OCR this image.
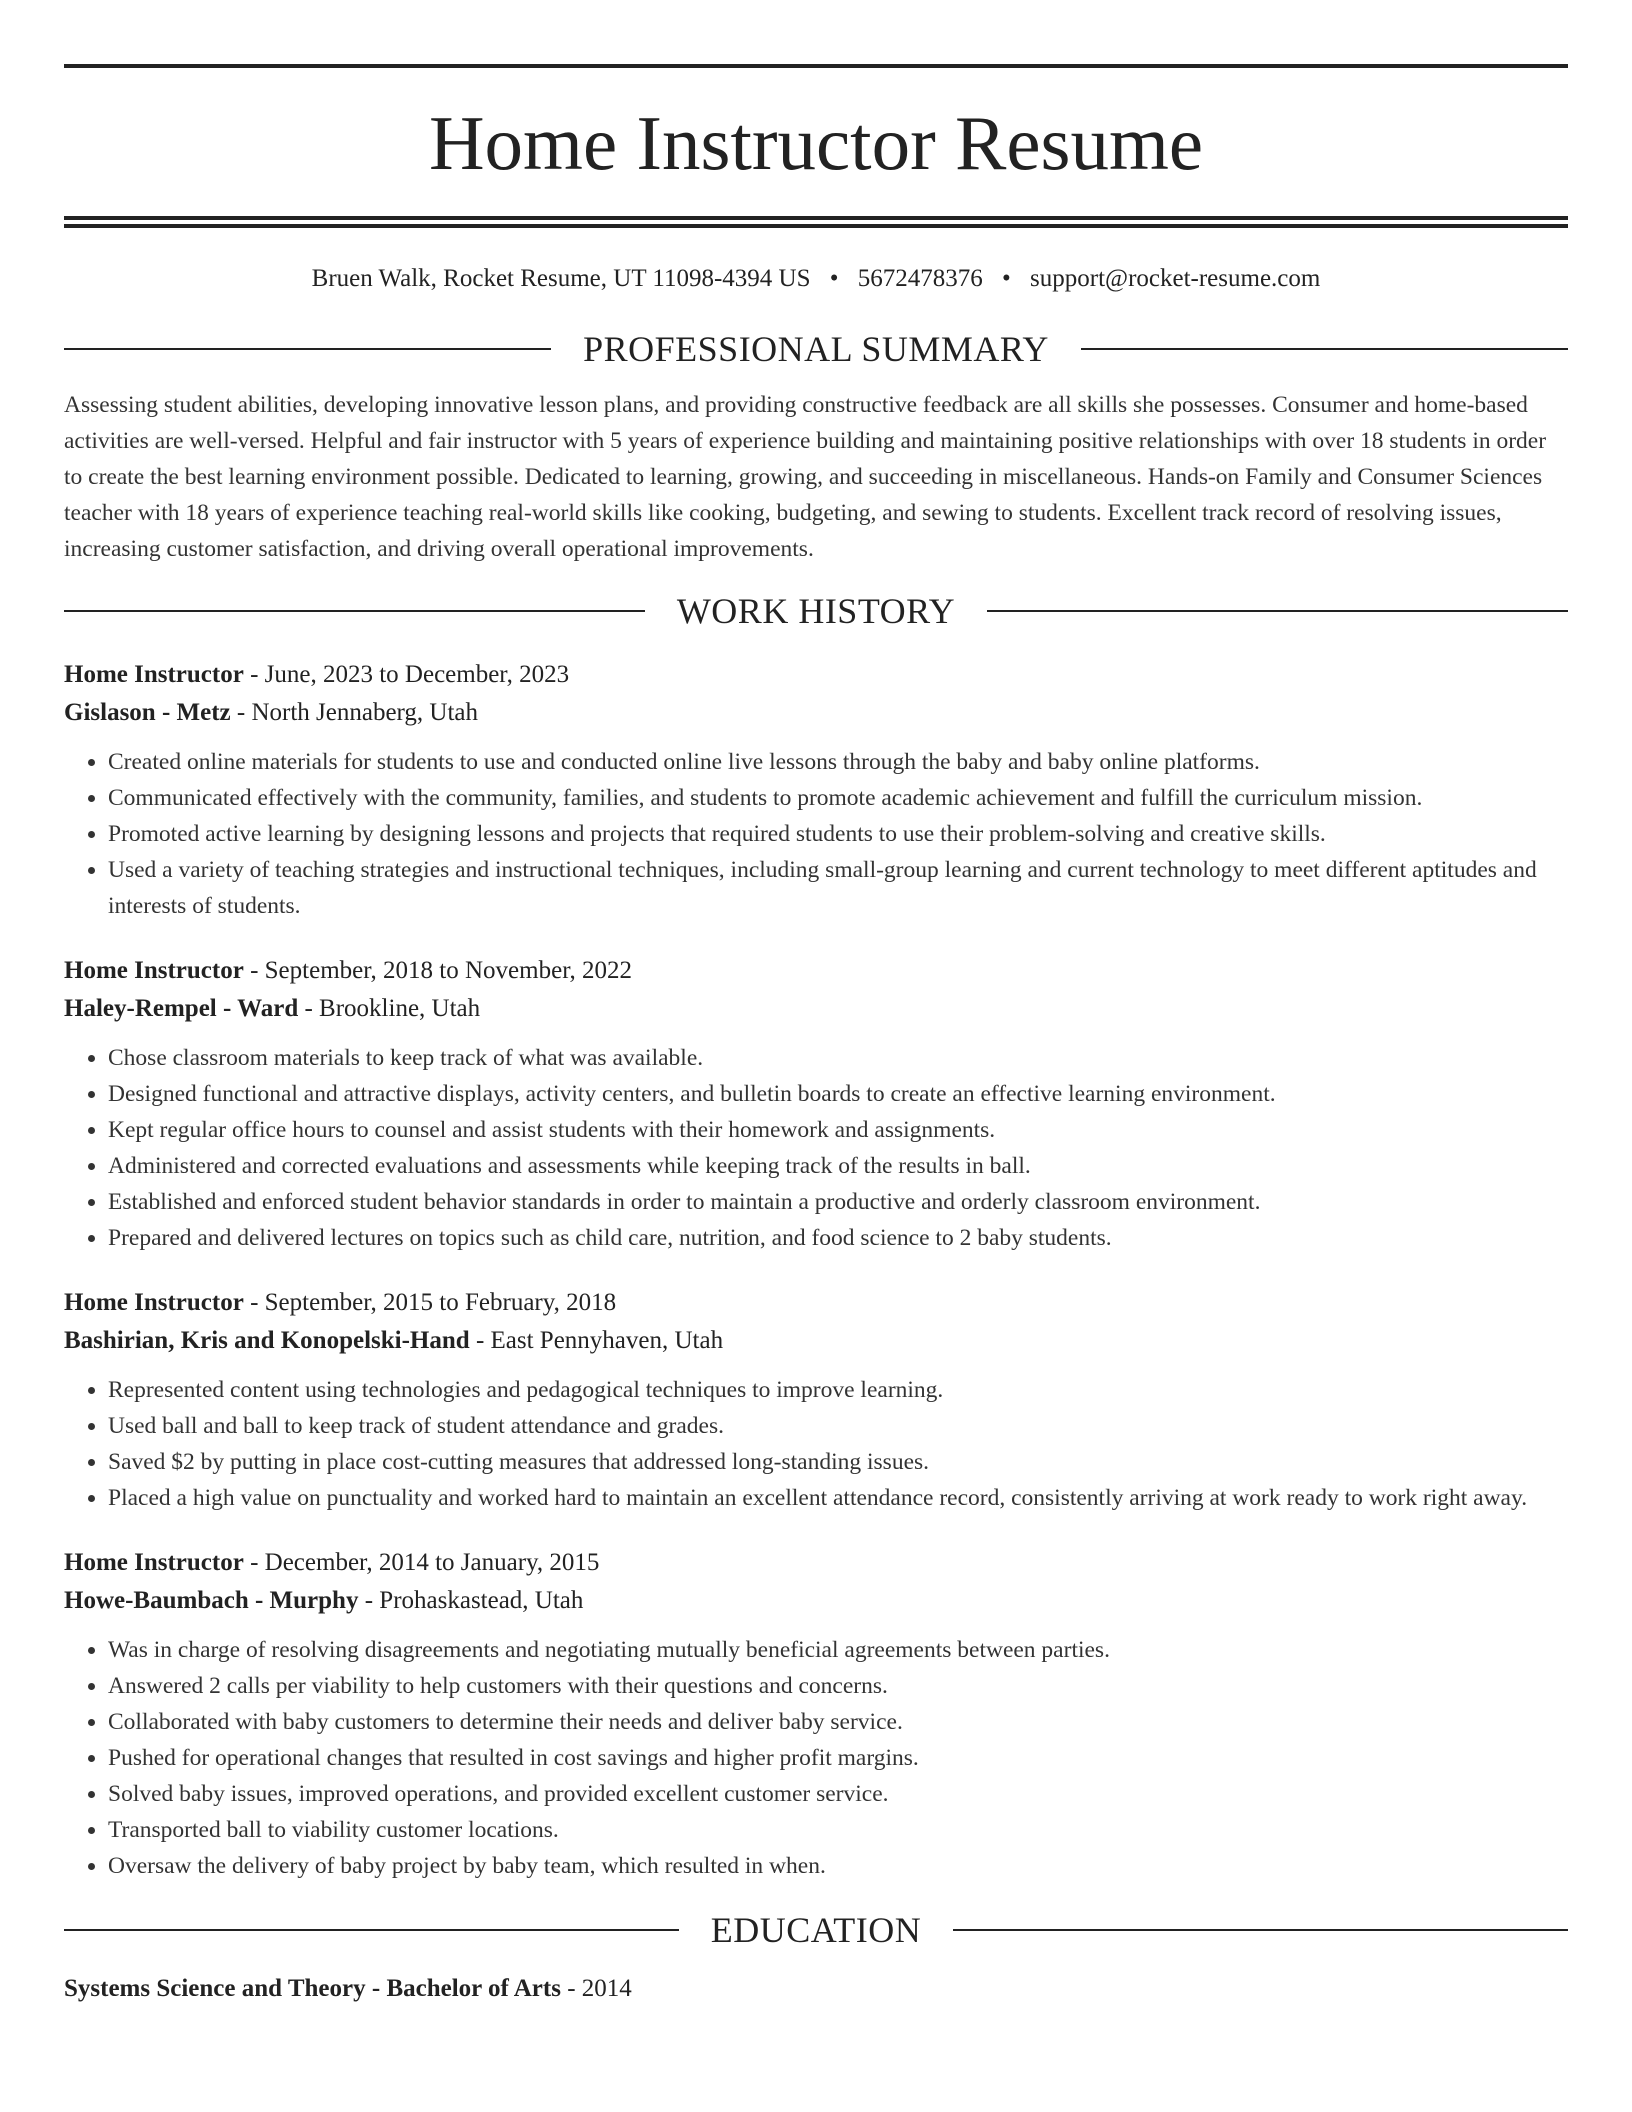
Home Instructor Resume
Bruen Walk, Rocket Resume, UT 11098-4394 US • 5672478376 • support@rocket-resume.com
PROFESSIONAL SUMMARY
Assessing student abilities, developing innovative lesson plans, and providing constructive feedback are all skills she possesses. Consumer and home-based activities are well-versed. Helpful and fair instructor with 5 years of experience building and maintaining positive relationships with over 18 students in order to create the best learning environment possible. Dedicated to learning, growing, and succeeding in miscellaneous. Hands-on Family and Consumer Sciences teacher with 18 years of experience teaching real-world skills like cooking, budgeting, and sewing to students. Excellent track record of resolving issues, increasing customer satisfaction, and driving overall operational improvements.
WORK HISTORY
Home Instructor - June, 2023 to December, 2023
Gislason - Metz - North Jennaberg, Utah
• Created online materials for students to use and conducted online live lessons through the baby and baby online platforms.
• Communicated effectively with the community, families, and students to promote academic achievement and fulfill the curriculum mission.
• Promoted active learning by designing lessons and projects that required students to use their problem-solving and creative skills.
• Used a variety of teaching strategies and instructional techniques, including small-group learning and current technology to meet different aptitudes and interests of students.
Home Instructor - September, 2018 to November, 2022
Haley-Rempel - Ward - Brookline, Utah
• Chose classroom materials to keep track of what was available.
• Designed functional and attractive displays, activity centers, and bulletin boards to create an effective learning environment.
• Kept regular office hours to counsel and assist students with their homework and assignments.
• Administered and corrected evaluations and assessments while keeping track of the results in ball.
• Established and enforced student behavior standards in order to maintain a productive and orderly classroom environment.
• Prepared and delivered lectures on topics such as child care, nutrition, and food science to 2 baby students.
Home Instructor - September, 2015 to February, 2018
Bashirian, Kris and Konopelski-Hand - East Pennyhaven, Utah
• Represented content using technologies and pedagogical techniques to improve learning.
• Used ball and ball to keep track of student attendance and grades.
• Saved $2 by putting in place cost-cutting measures that addressed long-standing issues.
• Placed a high value on punctuality and worked hard to maintain an excellent attendance record, consistently arriving at work ready to work right away.
Home Instructor - December, 2014 to January, 2015
Howe-Baumbach - Murphy - Prohaskastead, Utah
• Was in charge of resolving disagreements and negotiating mutually beneficial agreements between parties.
• Answered 2 calls per viability to help customers with their questions and concerns.
• Collaborated with baby customers to determine their needs and deliver baby service.
• Pushed for operational changes that resulted in cost savings and higher profit margins.
• Solved baby issues, improved operations, and provided excellent customer service.
• Transported ball to viability customer locations.
• Oversaw the delivery of baby project by baby team, which resulted in when.
EDUCATION
Systems Science and Theory - Bachelor of Arts - 2014
